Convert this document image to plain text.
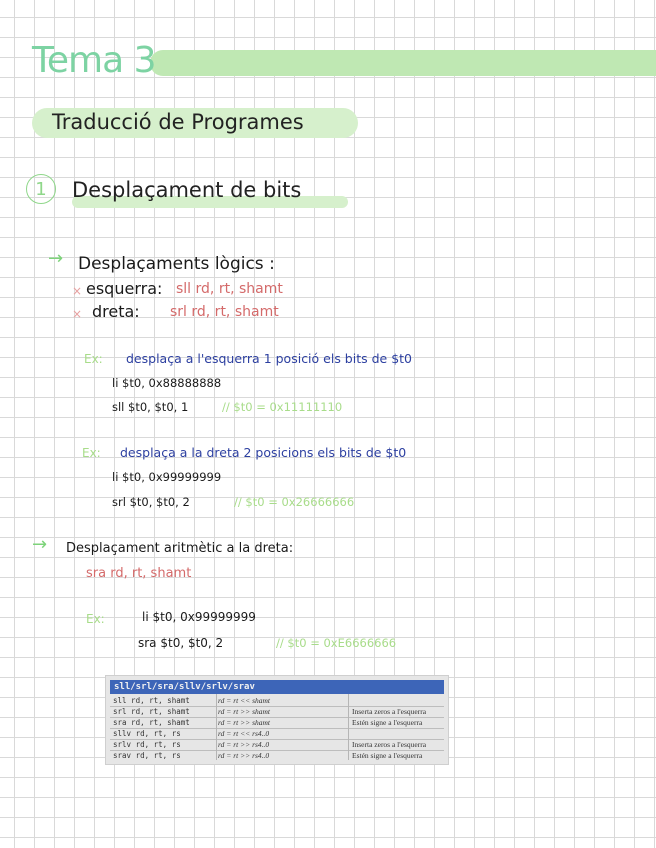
Tema 3
Traducció de Programes
1	Desplaçament de bits
→ Desplaçaments lògics :
× esquerra: sll rd, rt, shamt
× dreta: srl rd, rt, shamt
Ex: desplaça a l'esquerra 1 posició els bits de $t0
li $t0, 0x88888888
sll $t0, $t0, 1	// $t0 = 0x11111110
Ex: desplaça a la dreta 2 posicions els bits de $t0
li $t0, 0x99999999
srl $t0, $t0, 2	// $t0 = 0x26666666
→ Desplaçament aritmètic a la dreta:
sra rd, rt, shamt
Ex:	li $t0, 0x99999999
sra $t0, $t0, 2	// $t0 = 0xE6666666
sll/srl/sra/sllv/srlv/srav
sll rd, rt, shamt	rd = rt << shamt
srl rd, rt, shamt	rd = rt >> shamt	Inserta zeros a l'esquerra
sra rd, rt, shamt	rd = rt >> shamt	Estén signe a l'esquerra
sllv rd, rt, rs	rd = rt << rs4..0
srlv rd, rt, rs	rd = rt >> rs4..0	Inserta zeros a l'esquerra
srav rd, rt, rs	rd = rt >> rs4..0	Estén signe a l'esquerra
